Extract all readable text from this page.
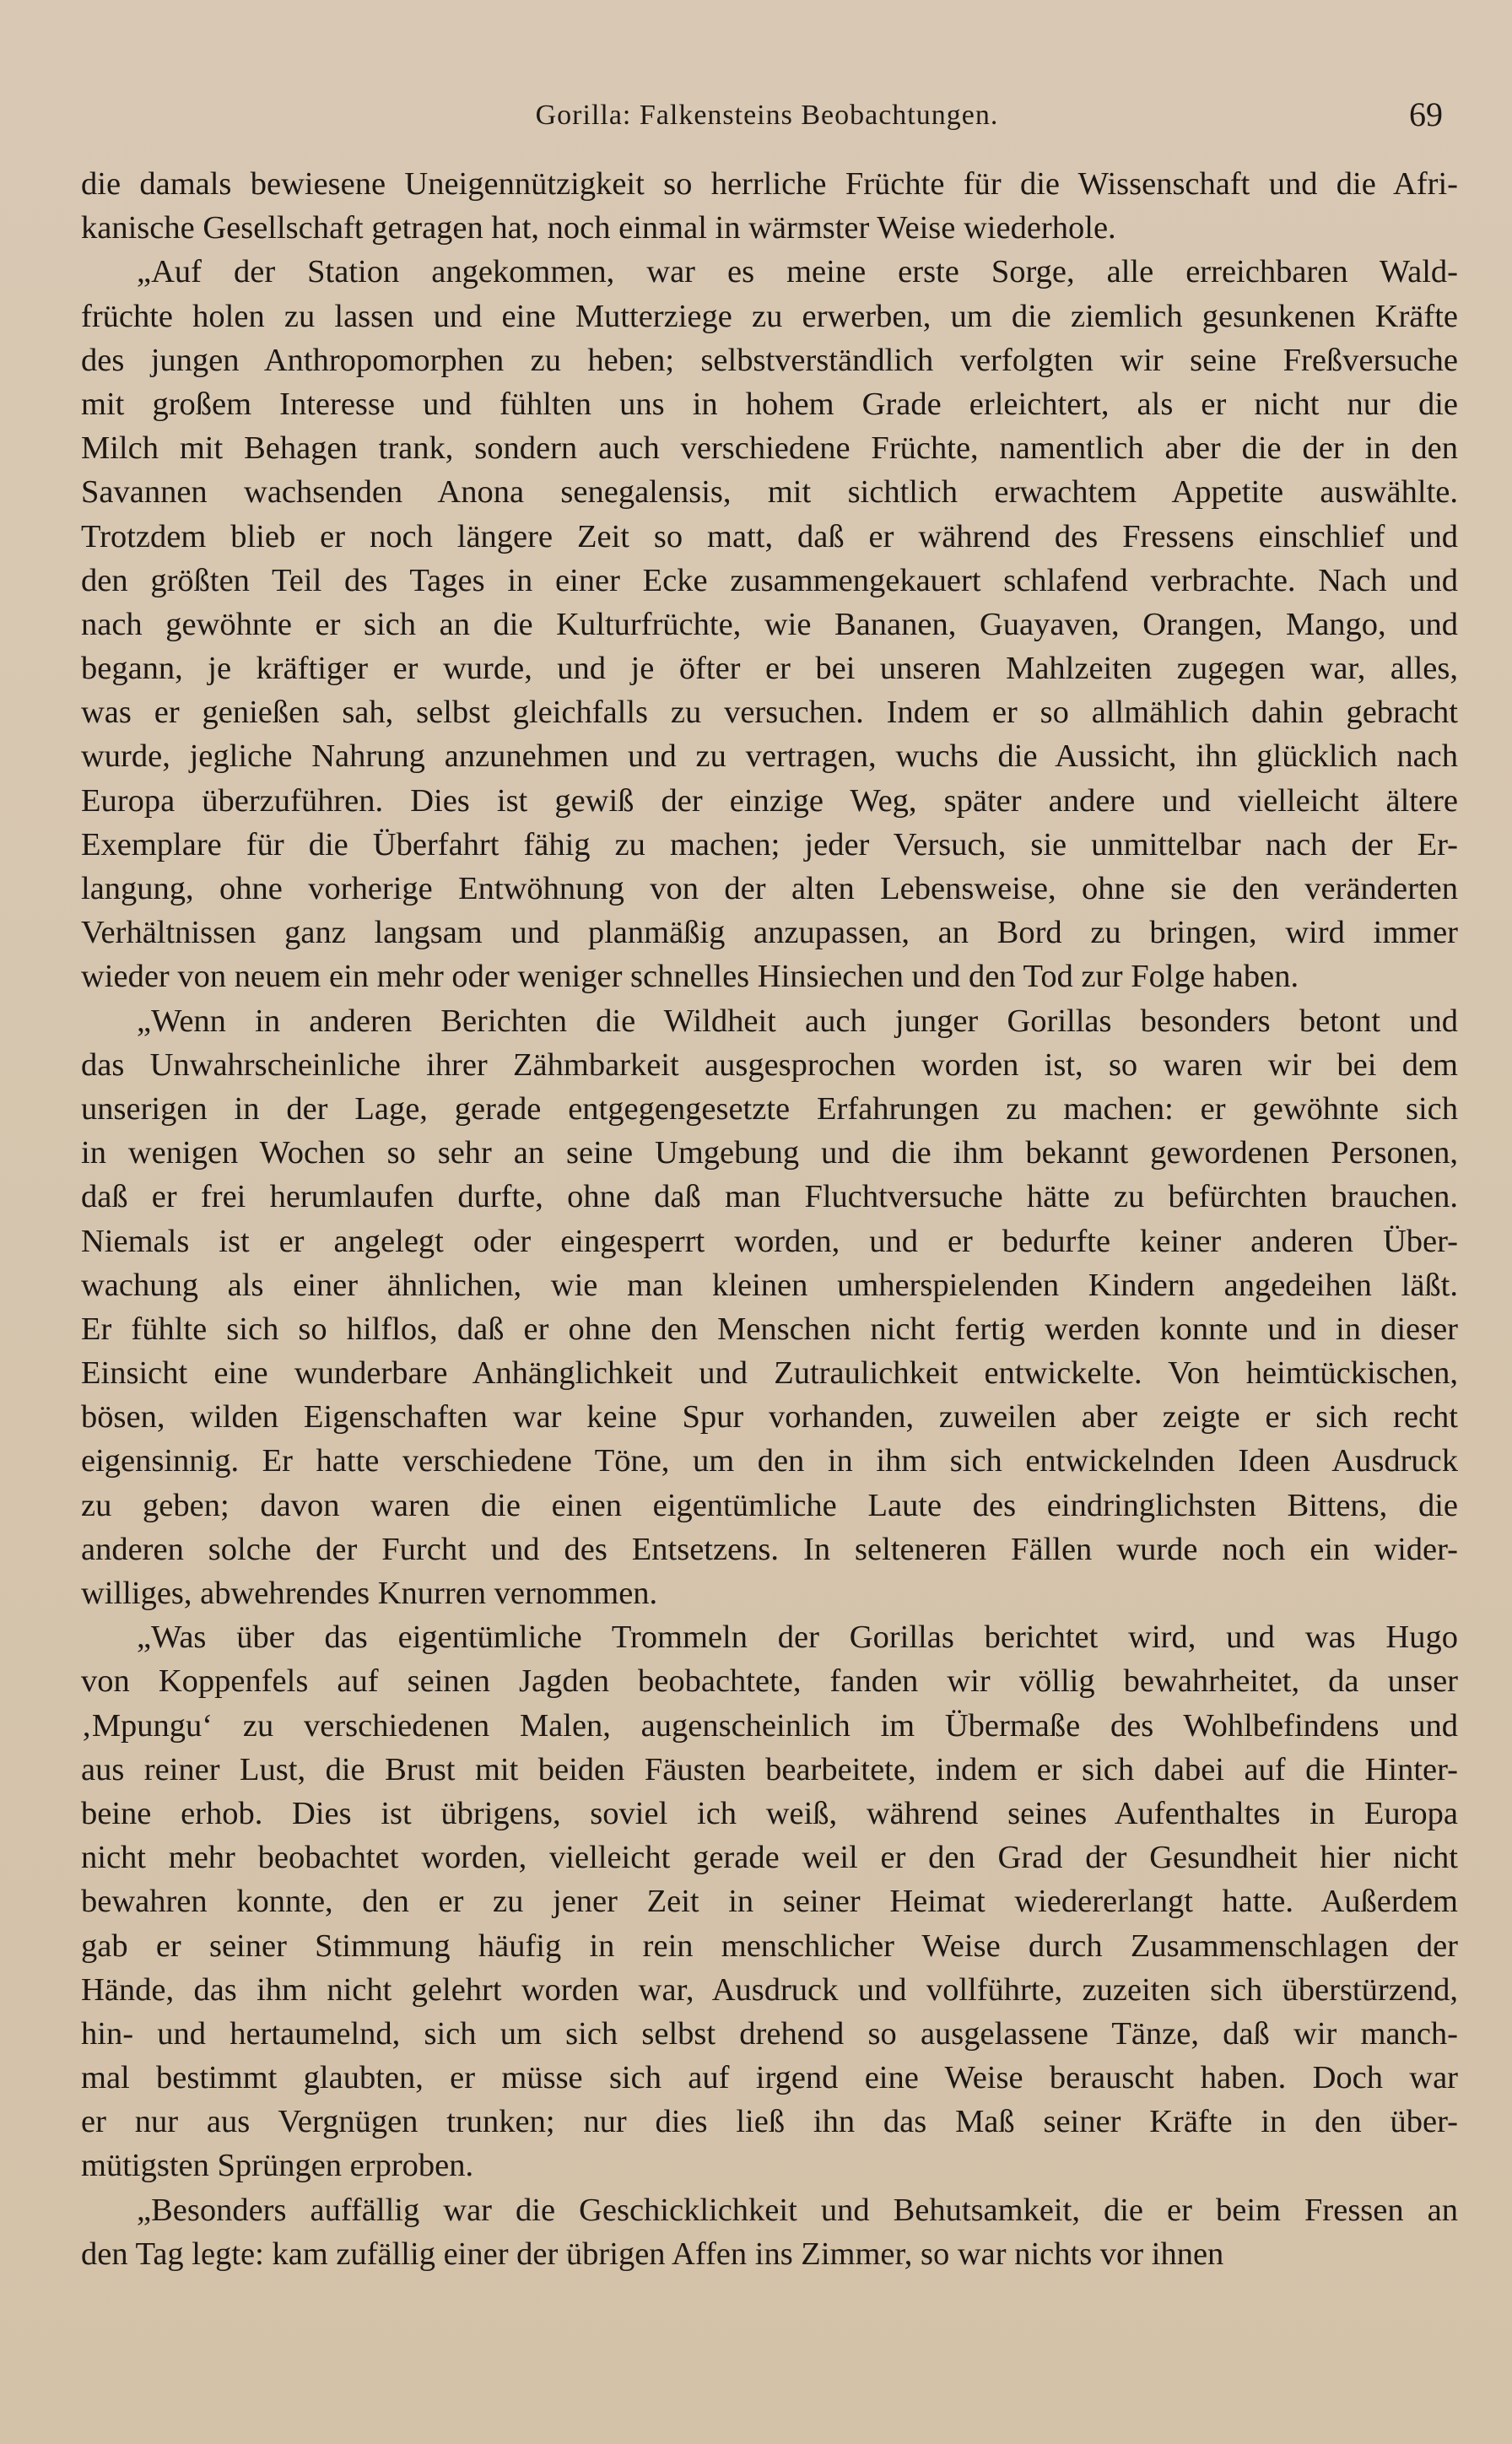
Gorilla: Falkensteins Beobachtungen.	69
die damals bewiesene Uneigennützigkeit so herrliche Früchte für die Wissenschaft und die Afri-
kanische Gesellschaft getragen hat, noch einmal in wärmster Weise wiederhole.
„Auf der Station angekommen, war es meine erste Sorge, alle erreichbaren Wald-
früchte holen zu lassen und eine Mutterziege zu erwerben, um die ziemlich gesunkenen Kräfte
des jungen Anthropomorphen zu heben; selbstverständlich verfolgten wir seine Freßversuche
mit großem Interesse und fühlten uns in hohem Grade erleichtert, als er nicht nur die
Milch mit Behagen trank, sondern auch verschiedene Früchte, namentlich aber die der in den
Savannen wachsenden Anona senegalensis, mit sichtlich erwachtem Appetite auswählte.
Trotzdem blieb er noch längere Zeit so matt, daß er während des Fressens einschlief und
den größten Teil des Tages in einer Ecke zusammengekauert schlafend verbrachte. Nach und
nach gewöhnte er sich an die Kulturfrüchte, wie Bananen, Guayaven, Orangen, Mango, und
begann, je kräftiger er wurde, und je öfter er bei unseren Mahlzeiten zugegen war, alles,
was er genießen sah, selbst gleichfalls zu versuchen. Indem er so allmählich dahin gebracht
wurde, jegliche Nahrung anzunehmen und zu vertragen, wuchs die Aussicht, ihn glücklich nach
Europa überzuführen. Dies ist gewiß der einzige Weg, später andere und vielleicht ältere
Exemplare für die Überfahrt fähig zu machen; jeder Versuch, sie unmittelbar nach der Er-
langung, ohne vorherige Entwöhnung von der alten Lebensweise, ohne sie den veränderten
Verhältnissen ganz langsam und planmäßig anzupassen, an Bord zu bringen, wird immer
wieder von neuem ein mehr oder weniger schnelles Hinsiechen und den Tod zur Folge haben.
„Wenn in anderen Berichten die Wildheit auch junger Gorillas besonders betont und
das Unwahrscheinliche ihrer Zähmbarkeit ausgesprochen worden ist, so waren wir bei dem
unserigen in der Lage, gerade entgegengesetzte Erfahrungen zu machen: er gewöhnte sich
in wenigen Wochen so sehr an seine Umgebung und die ihm bekannt gewordenen Personen,
daß er frei herumlaufen durfte, ohne daß man Fluchtversuche hätte zu befürchten brauchen.
Niemals ist er angelegt oder eingesperrt worden, und er bedurfte keiner anderen Über-
wachung als einer ähnlichen, wie man kleinen umherspielenden Kindern angedeihen läßt.
Er fühlte sich so hilflos, daß er ohne den Menschen nicht fertig werden konnte und in dieser
Einsicht eine wunderbare Anhänglichkeit und Zutraulichkeit entwickelte. Von heimtückischen,
bösen, wilden Eigenschaften war keine Spur vorhanden, zuweilen aber zeigte er sich recht
eigensinnig. Er hatte verschiedene Töne, um den in ihm sich entwickelnden Ideen Ausdruck
zu geben; davon waren die einen eigentümliche Laute des eindringlichsten Bittens, die
anderen solche der Furcht und des Entsetzens. In selteneren Fällen wurde noch ein wider-
williges, abwehrendes Knurren vernommen.
„Was über das eigentümliche Trommeln der Gorillas berichtet wird, und was Hugo
von Koppenfels auf seinen Jagden beobachtete, fanden wir völlig bewahrheitet, da unser
‚Mpungu‘ zu verschiedenen Malen, augenscheinlich im Übermaße des Wohlbefindens und
aus reiner Lust, die Brust mit beiden Fäusten bearbeitete, indem er sich dabei auf die Hinter-
beine erhob. Dies ist übrigens, soviel ich weiß, während seines Aufenthaltes in Europa
nicht mehr beobachtet worden, vielleicht gerade weil er den Grad der Gesundheit hier nicht
bewahren konnte, den er zu jener Zeit in seiner Heimat wiedererlangt hatte. Außerdem
gab er seiner Stimmung häufig in rein menschlicher Weise durch Zusammenschlagen der
Hände, das ihm nicht gelehrt worden war, Ausdruck und vollführte, zuzeiten sich überstürzend,
hin- und hertaumelnd, sich um sich selbst drehend so ausgelassene Tänze, daß wir manch-
mal bestimmt glaubten, er müsse sich auf irgend eine Weise berauscht haben. Doch war
er nur aus Vergnügen trunken; nur dies ließ ihn das Maß seiner Kräfte in den über-
mütigsten Sprüngen erproben.
„Besonders auffällig war die Geschicklichkeit und Behutsamkeit, die er beim Fressen an
den Tag legte: kam zufällig einer der übrigen Affen ins Zimmer, so war nichts vor ihnen
